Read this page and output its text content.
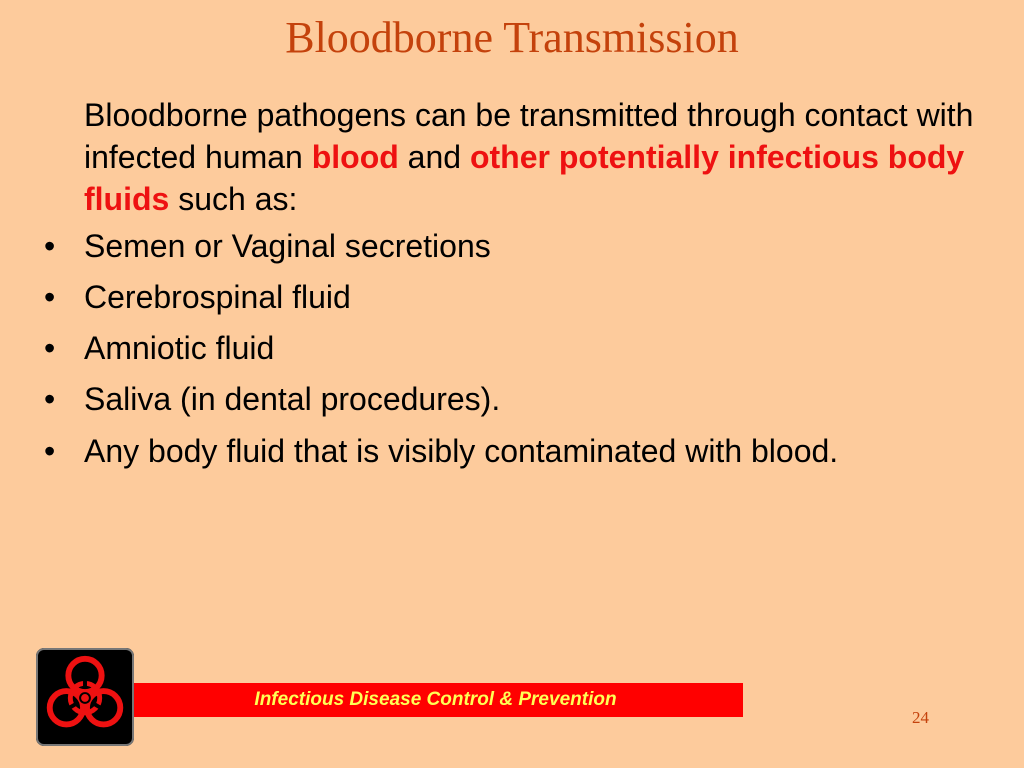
Bloodborne Transmission

Bloodborne pathogens can be transmitted through contact with infected human blood and other potentially infectious body fluids such as:

• Semen or Vaginal secretions
• Cerebrospinal fluid
• Amniotic fluid
• Saliva (in dental procedures).
• Any body fluid that is visibly contaminated with blood.
Infectious Disease Control & Prevention
24
